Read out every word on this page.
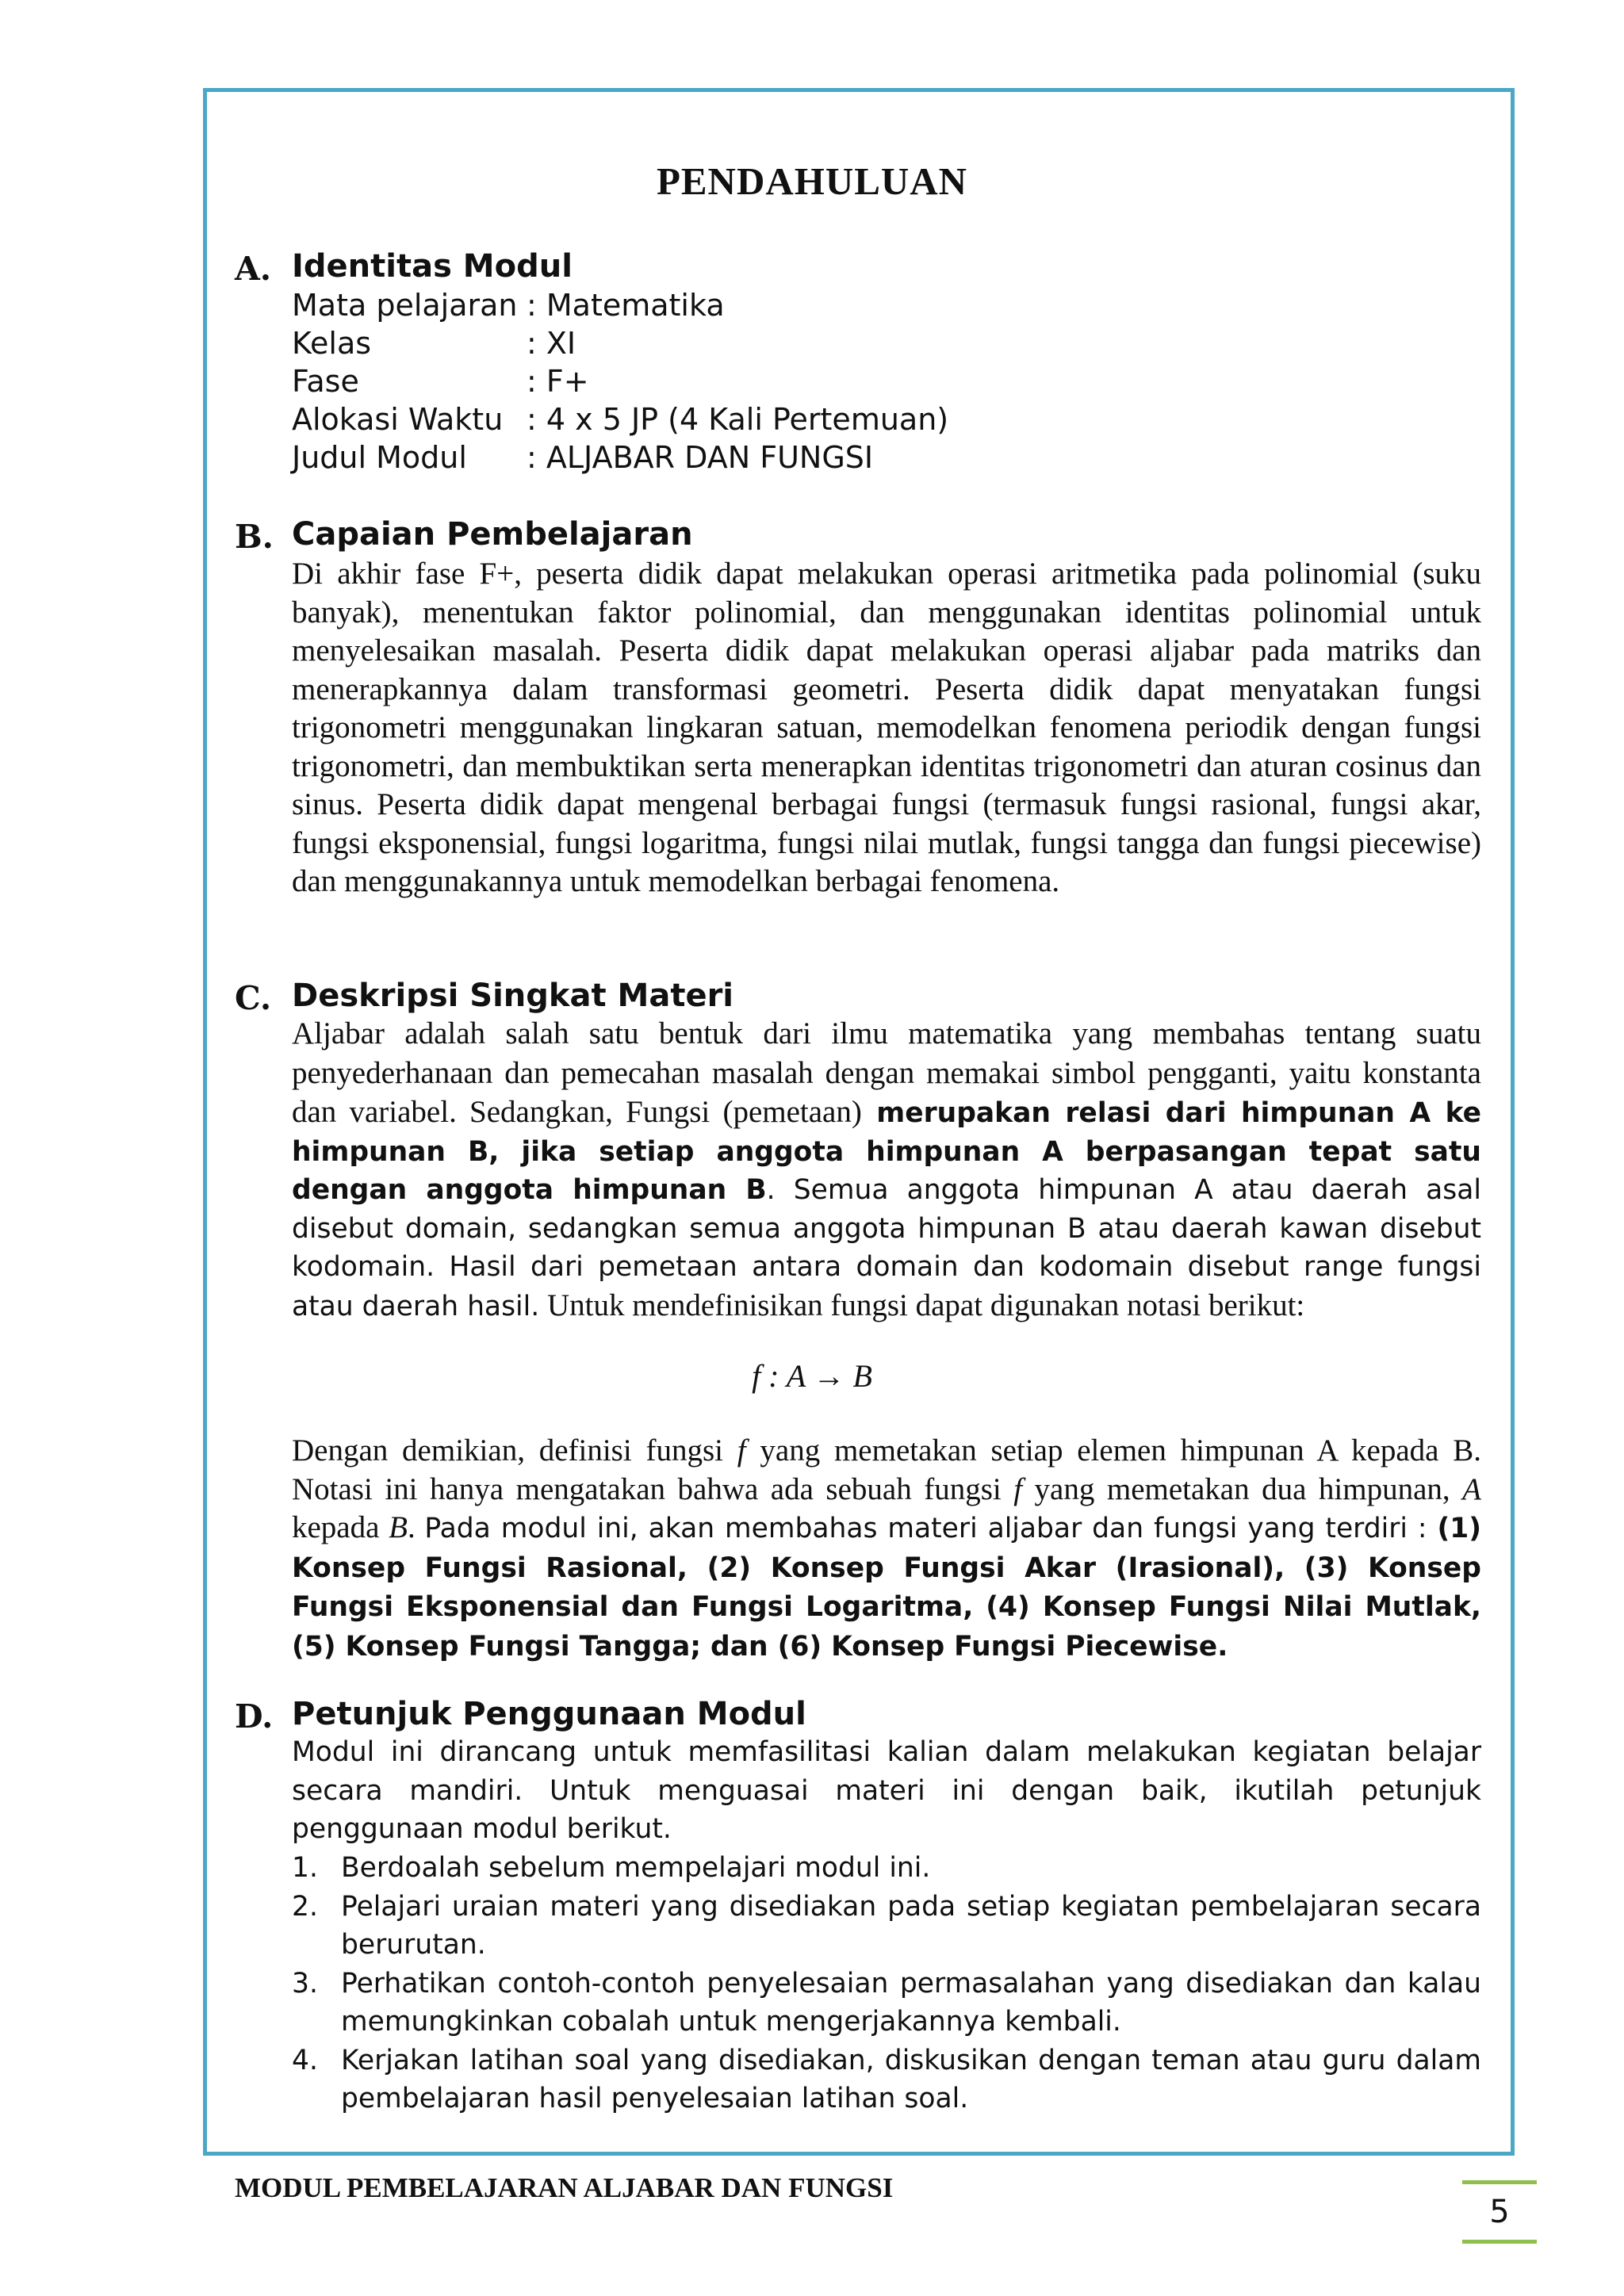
PENDAHULUAN
A. Identitas Modul
Mata pelajaran : Matematika
Kelas	: XI
Fase	: F+
Alokasi Waktu : 4 x 5 JP (4 Kali Pertemuan)
Judul Modul : ALJABAR DAN FUNGSI
B. Capaian Pembelajaran
Di akhir fase F+, peserta didik dapat melakukan operasi aritmetika pada polinomial (suku banyak), menentukan faktor polinomial, dan menggunakan identitas polinomial untuk menyelesaikan masalah. Peserta didik dapat melakukan operasi aljabar pada matriks dan menerapkannya dalam transformasi geometri. Peserta didik dapat menyatakan fungsi trigonometri menggunakan lingkaran satuan, memodelkan fenomena periodik dengan fungsi trigonometri, dan membuktikan serta menerapkan identitas trigonometri dan aturan cosinus dan sinus. Peserta didik dapat mengenal berbagai fungsi (termasuk fungsi rasional, fungsi akar, fungsi eksponensial, fungsi logaritma, fungsi nilai mutlak, fungsi tangga dan fungsi piecewise) dan menggunakannya untuk memodelkan berbagai fenomena.
C. Deskripsi Singkat Materi
Aljabar adalah salah satu bentuk dari ilmu matematika yang membahas tentang suatu penyederhanaan dan pemecahan masalah dengan memakai simbol pengganti, yaitu konstanta dan variabel. Sedangkan, Fungsi (pemetaan) merupakan relasi dari himpunan A ke himpunan B, jika setiap anggota himpunan A berpasangan tepat satu dengan anggota himpunan B. Semua anggota himpunan A atau daerah asal disebut domain, sedangkan semua anggota himpunan B atau daerah kawan disebut kodomain. Hasil dari pemetaan antara domain dan kodomain disebut range fungsi atau daerah hasil. Untuk mendefinisikan fungsi dapat digunakan notasi berikut:
f : A → B
Dengan demikian, definisi fungsi f yang memetakan setiap elemen himpunan A kepada B. Notasi ini hanya mengatakan bahwa ada sebuah fungsi f yang memetakan dua himpunan, A kepada B. Pada modul ini, akan membahas materi aljabar dan fungsi yang terdiri : (1) Konsep Fungsi Rasional, (2) Konsep Fungsi Akar (Irasional), (3) Konsep Fungsi Eksponensial dan Fungsi Logaritma, (4) Konsep Fungsi Nilai Mutlak, (5) Konsep Fungsi Tangga; dan (6) Konsep Fungsi Piecewise.
D. Petunjuk Penggunaan Modul
Modul ini dirancang untuk memfasilitasi kalian dalam melakukan kegiatan belajar secara mandiri. Untuk menguasai materi ini dengan baik, ikutilah petunjuk penggunaan modul berikut.
1. Berdoalah sebelum mempelajari modul ini.
2. Pelajari uraian materi yang disediakan pada setiap kegiatan pembelajaran secara berurutan.
3. Perhatikan contoh-contoh penyelesaian permasalahan yang disediakan dan kalau memungkinkan cobalah untuk mengerjakannya kembali.
4. Kerjakan latihan soal yang disediakan, diskusikan dengan teman atau guru dalam pembelajaran hasil penyelesaian latihan soal.
MODUL PEMBELAJARAN ALJABAR DAN FUNGSI
5
